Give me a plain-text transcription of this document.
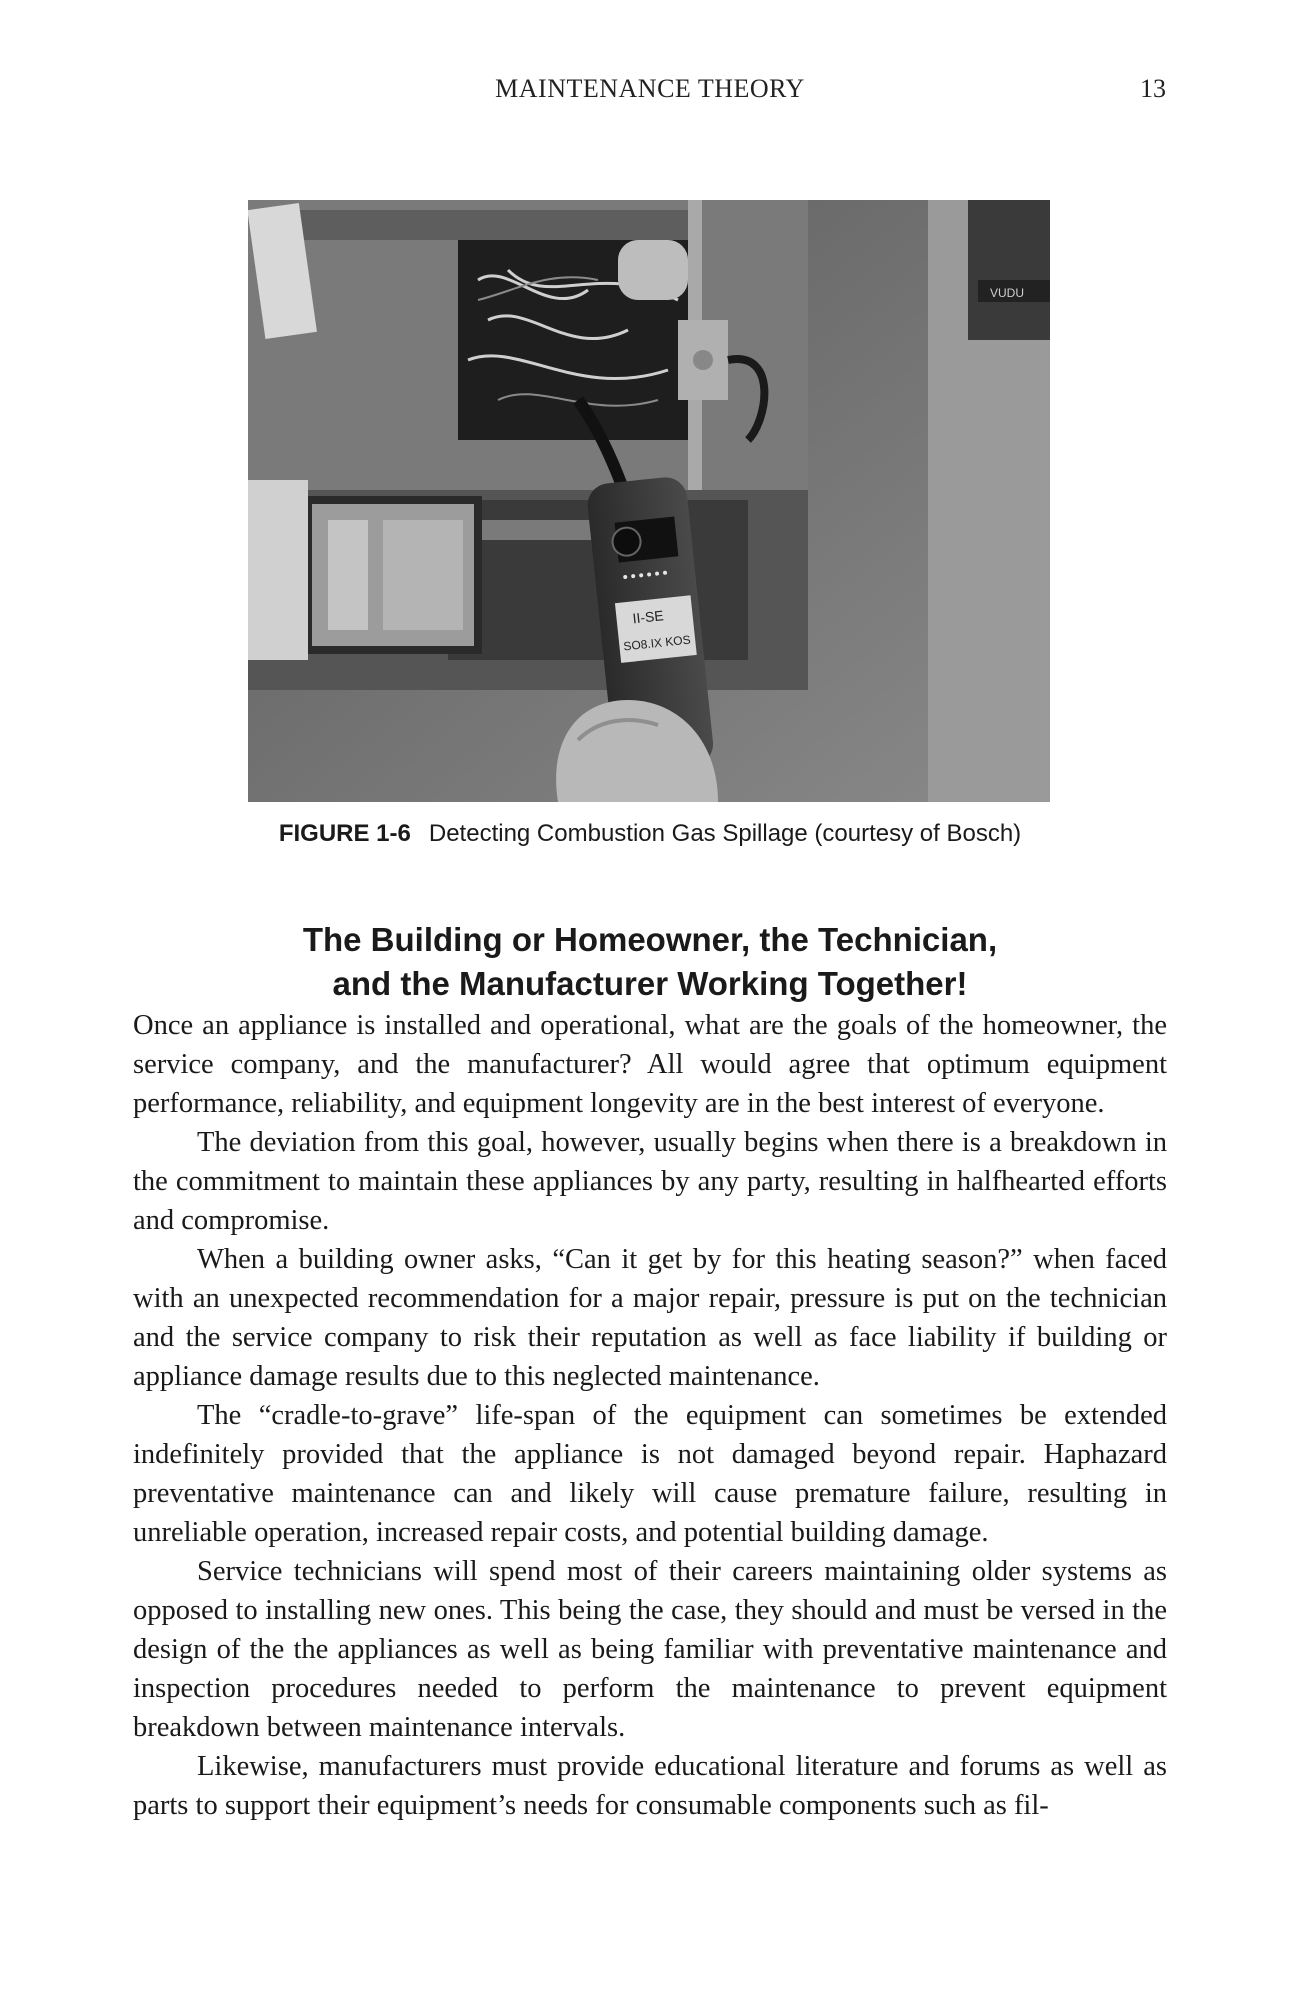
MAINTENANCE THEORY	13
VUDU
II-SE
SO8.IX KOS
FIGURE 1-6 Detecting Combustion Gas Spillage (courtesy of Bosch)
The Building or Homeowner, the Technician,
and the Manufacturer Working Together!

Once an appliance is installed and operational, what are the goals of the homeowner, the service company, and the manufacturer? All would agree that optimum equipment performance, reliability, and equipment longevity are in the best interest of everyone.

The deviation from this goal, however, usually begins when there is a breakdown in the commitment to maintain these appliances by any party, resulting in halfhearted efforts and compromise.

When a building owner asks, “Can it get by for this heating season?” when faced with an unexpected recommendation for a major repair, pressure is put on the technician and the service company to risk their reputation as well as face liability if building or appliance damage results due to this neglected maintenance.

The “cradle-to-grave” life-span of the equipment can sometimes be extended indefinitely provided that the appliance is not damaged beyond repair. Haphazard preventative maintenance can and likely will cause premature failure, resulting in unreliable operation, increased repair costs, and potential building damage.

Service technicians will spend most of their careers maintaining older systems as opposed to installing new ones. This being the case, they should and must be versed in the design of the the appliances as well as being familiar with preventative maintenance and inspection procedures needed to perform the maintenance to prevent equipment breakdown between maintenance intervals.

Likewise, manufacturers must provide educational literature and forums as well as parts to support their equipment’s needs for consumable components such as fil-
